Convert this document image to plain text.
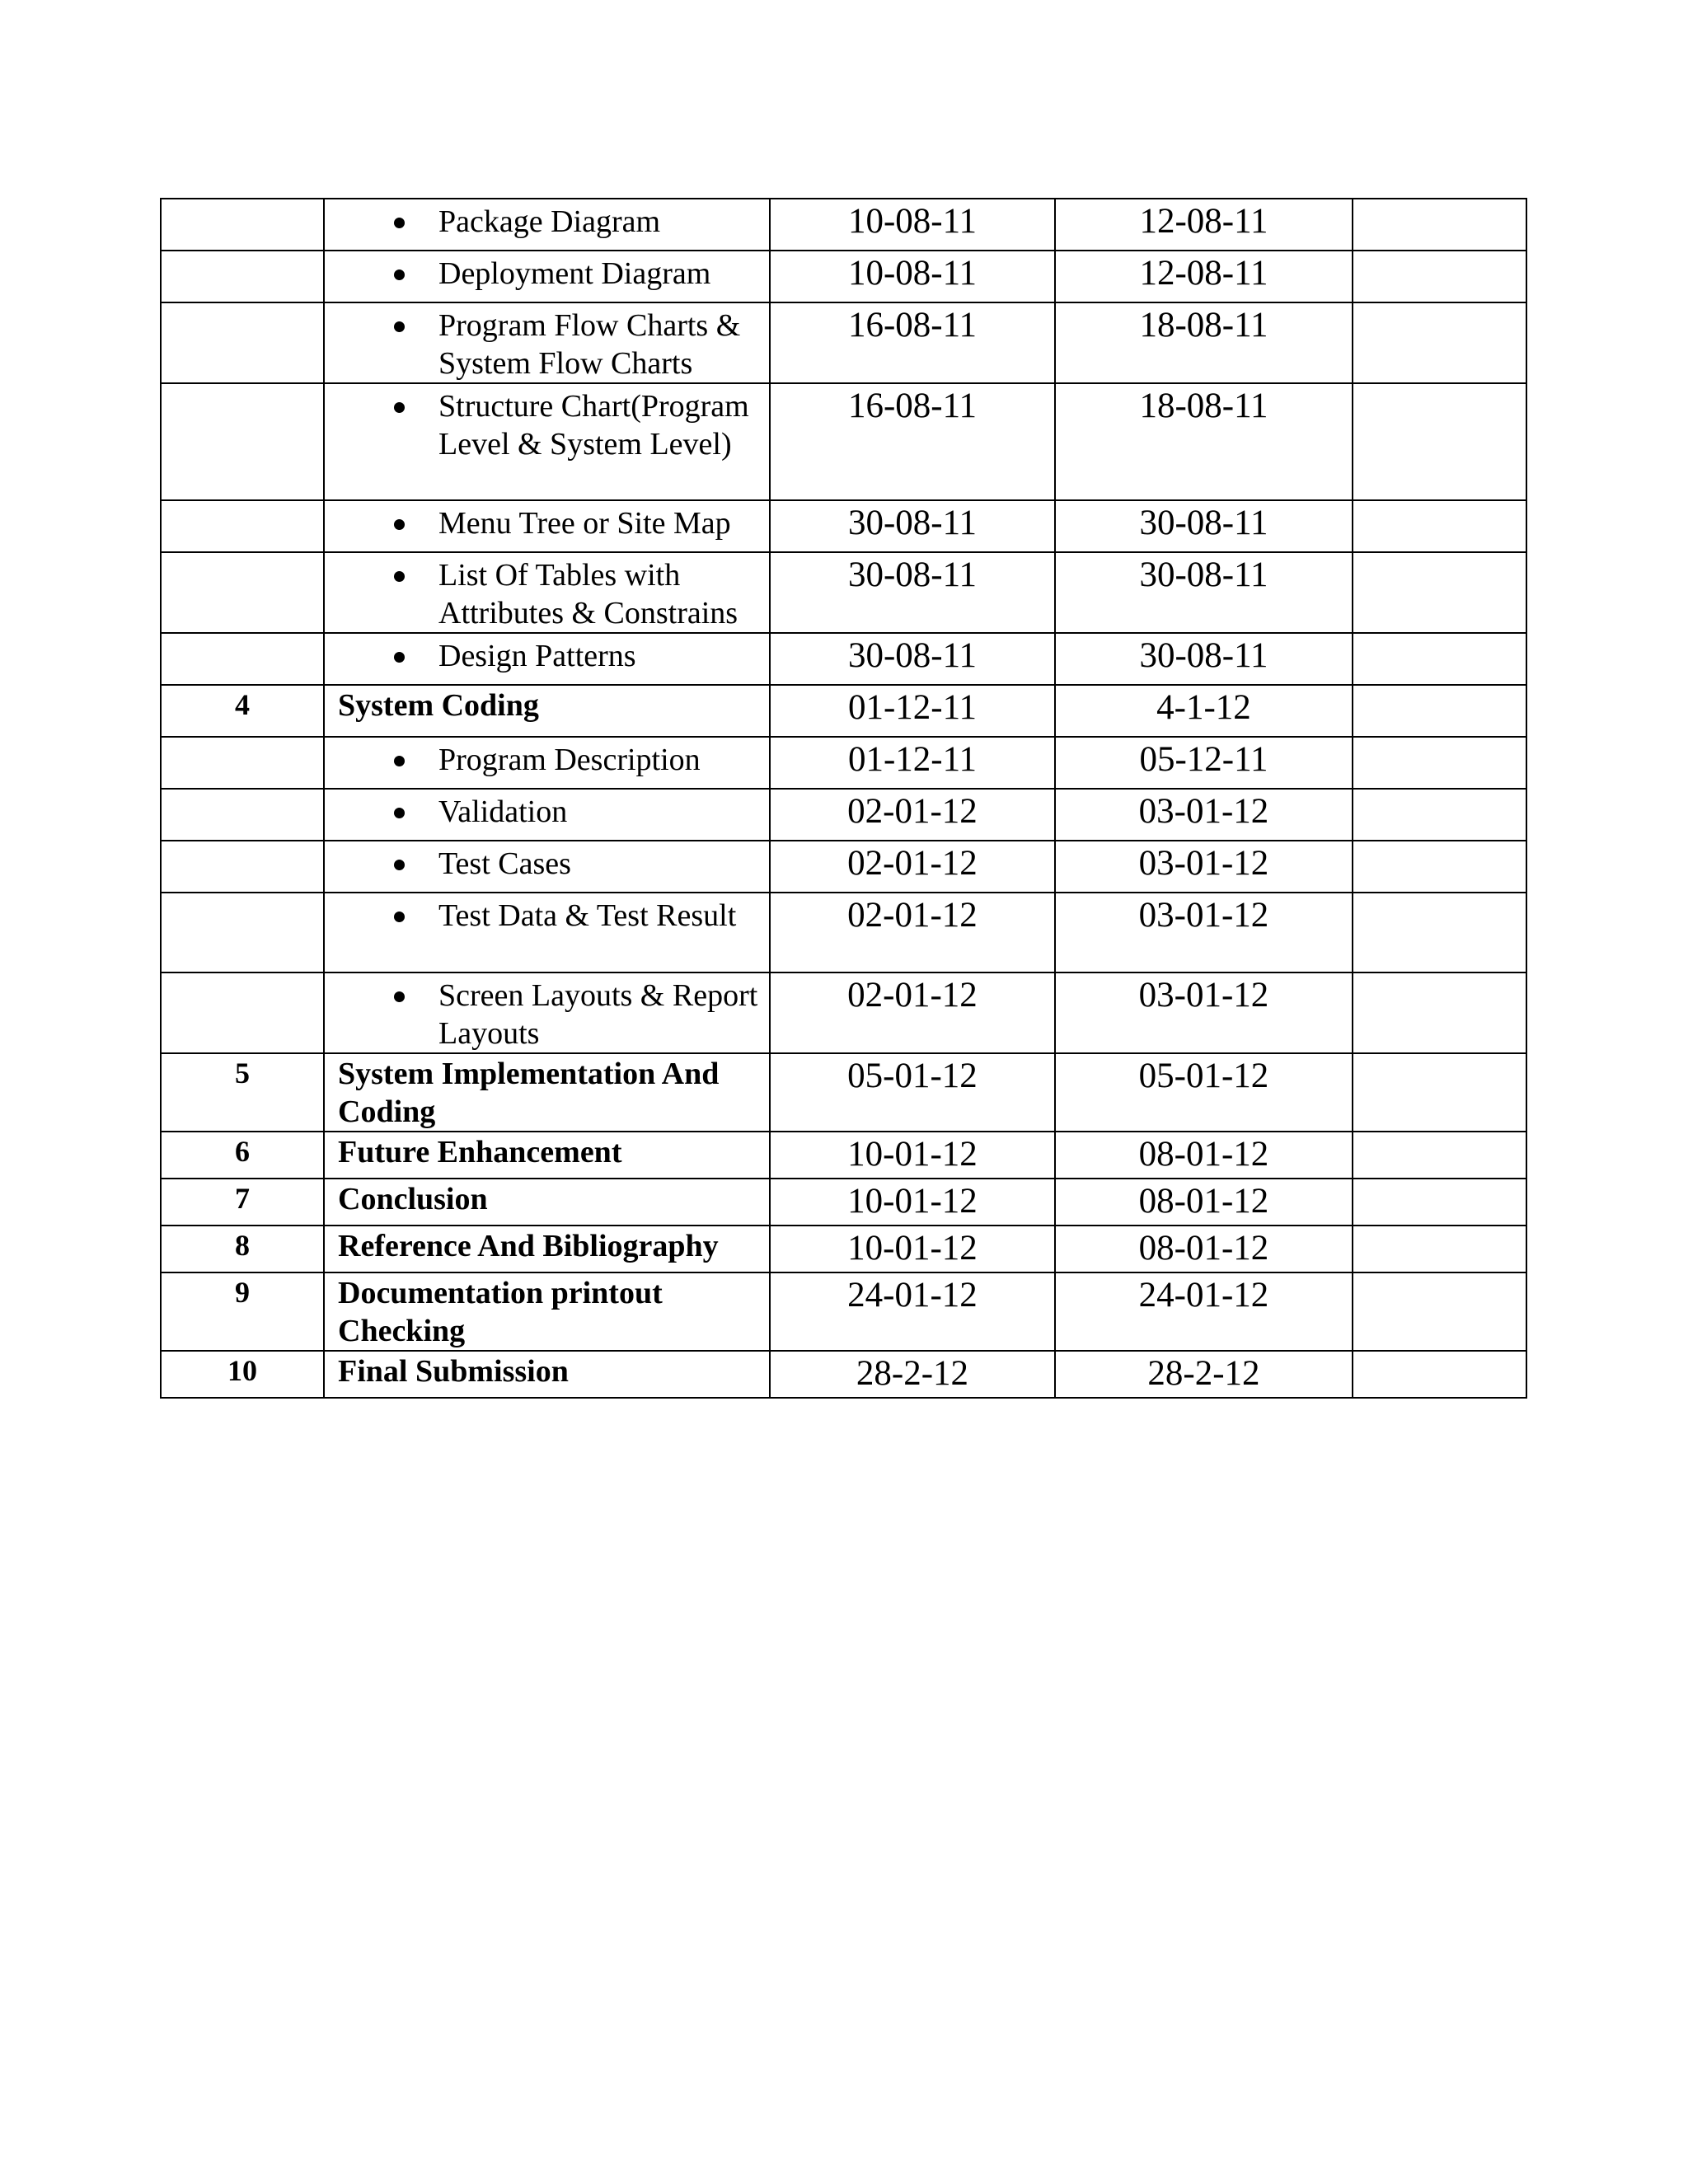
Package Diagram	10-08-11	12-08-11	

Deployment Diagram	10-08-11	12-08-11	

Program Flow Charts & System Flow Charts	16-08-11	18-08-11	

Structure Chart(Program Level & System Level)	16-08-11	18-08-11	

Menu Tree or Site Map	30-08-11	30-08-11	

List Of Tables with Attributes & Constrains	30-08-11	30-08-11	

Design Patterns	30-08-11	30-08-11	

4	System Coding	01-12-11	4-1-12	

Program Description	01-12-11	05-12-11	

Validation	02-01-12	03-01-12	

Test Cases	02-01-12	03-01-12	

Test Data & Test Result	02-01-12	03-01-12	

Screen Layouts & Report Layouts	02-01-12	03-01-12	

5	System Implementation And Coding	05-01-12	05-01-12	

6	Future Enhancement	10-01-12	08-01-12	

7	Conclusion	10-01-12	08-01-12	

8	Reference And Bibliography	10-01-12	08-01-12	

9	Documentation printout Checking	24-01-12	24-01-12	

10	Final Submission	28-2-12	28-2-12	
